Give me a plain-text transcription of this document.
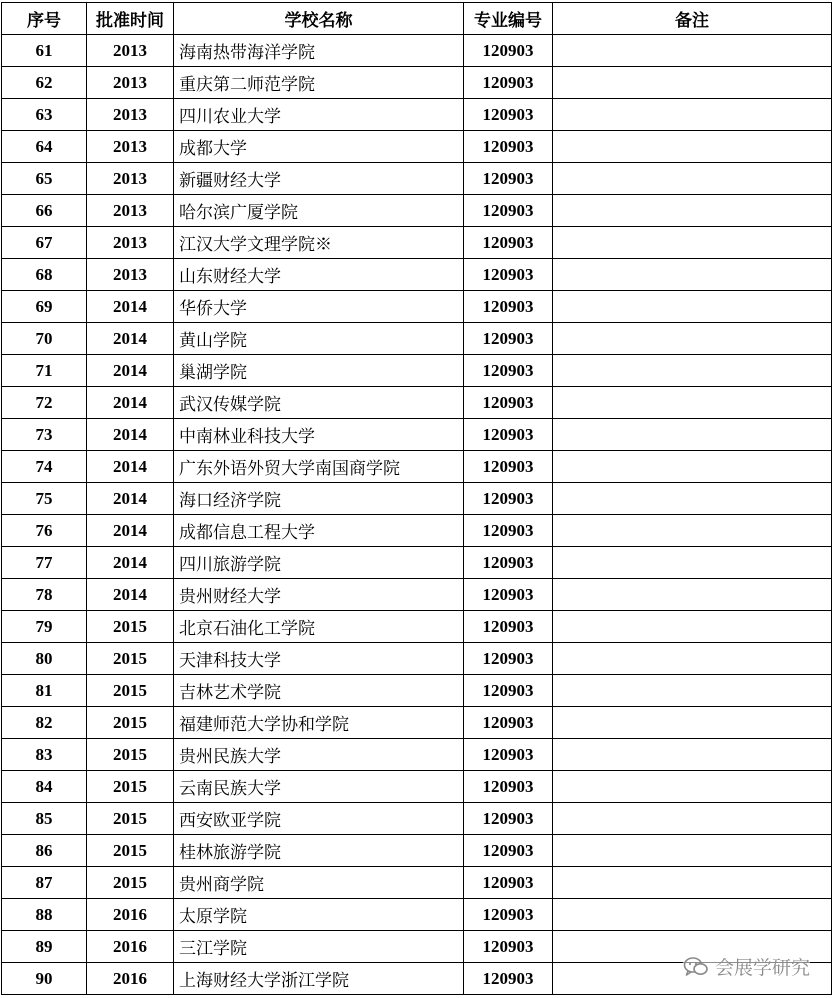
序号	批准时间	学校名称	专业编号	备注
61	2013	海南热带海洋学院	120903	
62	2013	重庆第二师范学院	120903	
63	2013	四川农业大学	120903	
64	2013	成都大学	120903	
65	2013	新疆财经大学	120903	
66	2013	哈尔滨广厦学院	120903	
67	2013	江汉大学文理学院※	120903	
68	2013	山东财经大学	120903	
69	2014	华侨大学	120903	
70	2014	黄山学院	120903	
71	2014	巢湖学院	120903	
72	2014	武汉传媒学院	120903	
73	2014	中南林业科技大学	120903	
74	2014	广东外语外贸大学南国商学院	120903	
75	2014	海口经济学院	120903	
76	2014	成都信息工程大学	120903	
77	2014	四川旅游学院	120903	
78	2014	贵州财经大学	120903	
79	2015	北京石油化工学院	120903	
80	2015	天津科技大学	120903	
81	2015	吉林艺术学院	120903	
82	2015	福建师范大学协和学院	120903	
83	2015	贵州民族大学	120903	
84	2015	云南民族大学	120903	
85	2015	西安欧亚学院	120903	
86	2015	桂林旅游学院	120903	
87	2015	贵州商学院	120903	
88	2016	太原学院	120903	
89	2016	三江学院	120903	
90	2016	上海财经大学浙江学院	120903		会展学研究
